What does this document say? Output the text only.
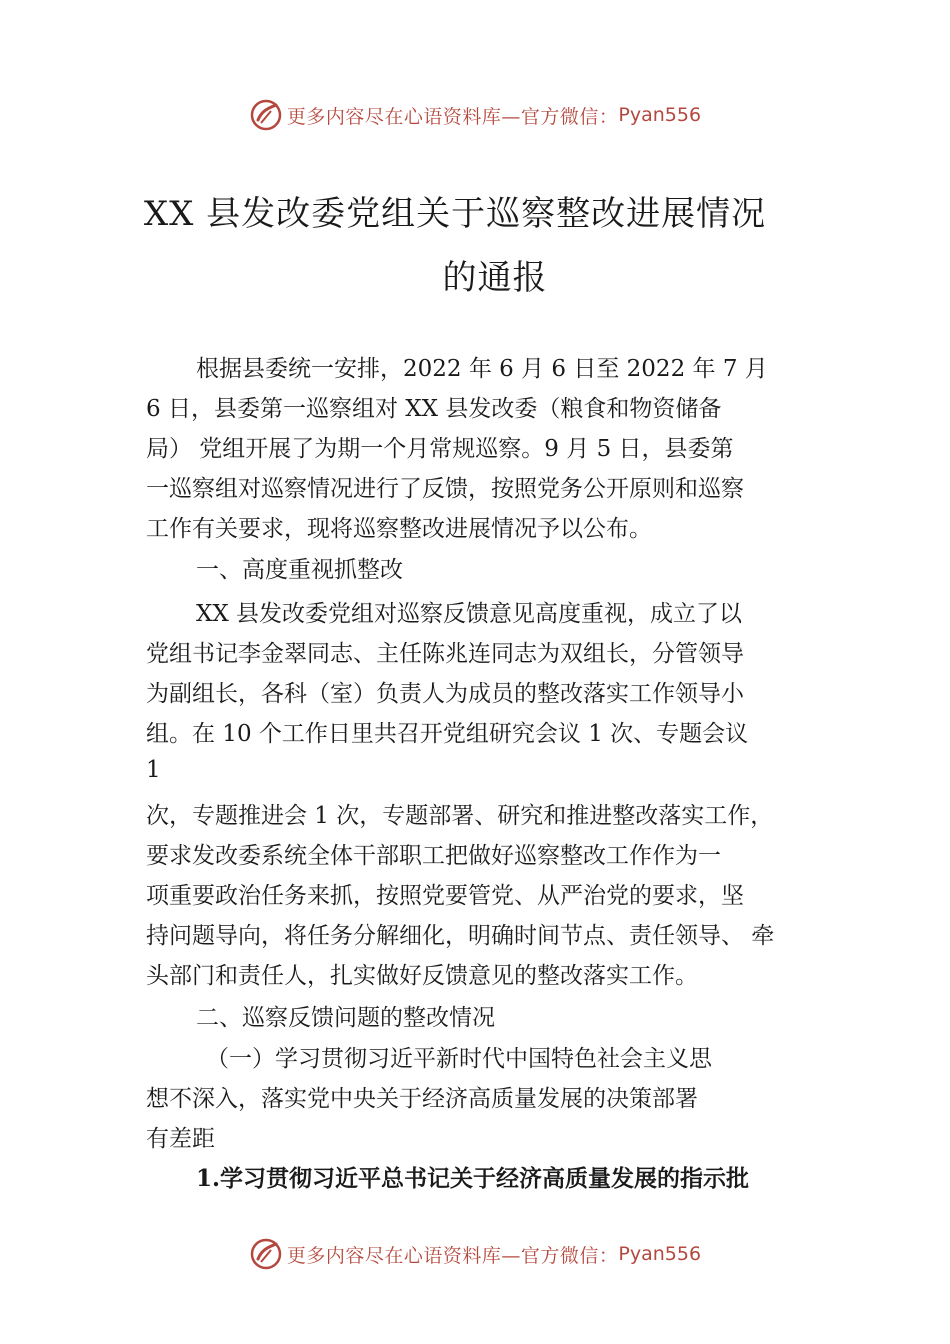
更多内容尽在心语资料库—官方微信： Pyan556
XX 县发改委党组关于巡察整改进展情况
的通报
根据县委统一安排，2022 年 6 月 6 日至 2022 年 7 月
6 日，县委第一巡察组对 XX 县发改委（粮食和物资储备
局） 党组开展了为期一个月常规巡察。9 月 5 日，县委第
一巡察组对巡察情况进行了反馈，按照党务公开原则和巡察
工作有关要求，现将巡察整改进展情况予以公布。
一、高度重视抓整改
XX 县发改委党组对巡察反馈意见高度重视，成立了以
党组书记李金翠同志、主任陈兆连同志为双组长，分管领导
为副组长，各科（室）负责人为成员的整改落实工作领导小
组。在 10 个工作日里共召开党组研究会议 1 次、专题会议
1
次，专题推进会 1 次，专题部署、研究和推进整改落实工作，
要求发改委系统全体干部职工把做好巡察整改工作作为一
项重要政治任务来抓，按照党要管党、从严治党的要求，坚
持问题导向，将任务分解细化，明确时间节点、责任领导、 牵
头部门和责任人，扎实做好反馈意见的整改落实工作。
二、巡察反馈问题的整改情况
（一）学习贯彻习近平新时代中国特色社会主义思
想不深入，落实党中央关于经济高质量发展的决策部署
有差距
1.学习贯彻习近平总书记关于经济高质量发展的指示批
更多内容尽在心语资料库—官方微信： Pyan556
